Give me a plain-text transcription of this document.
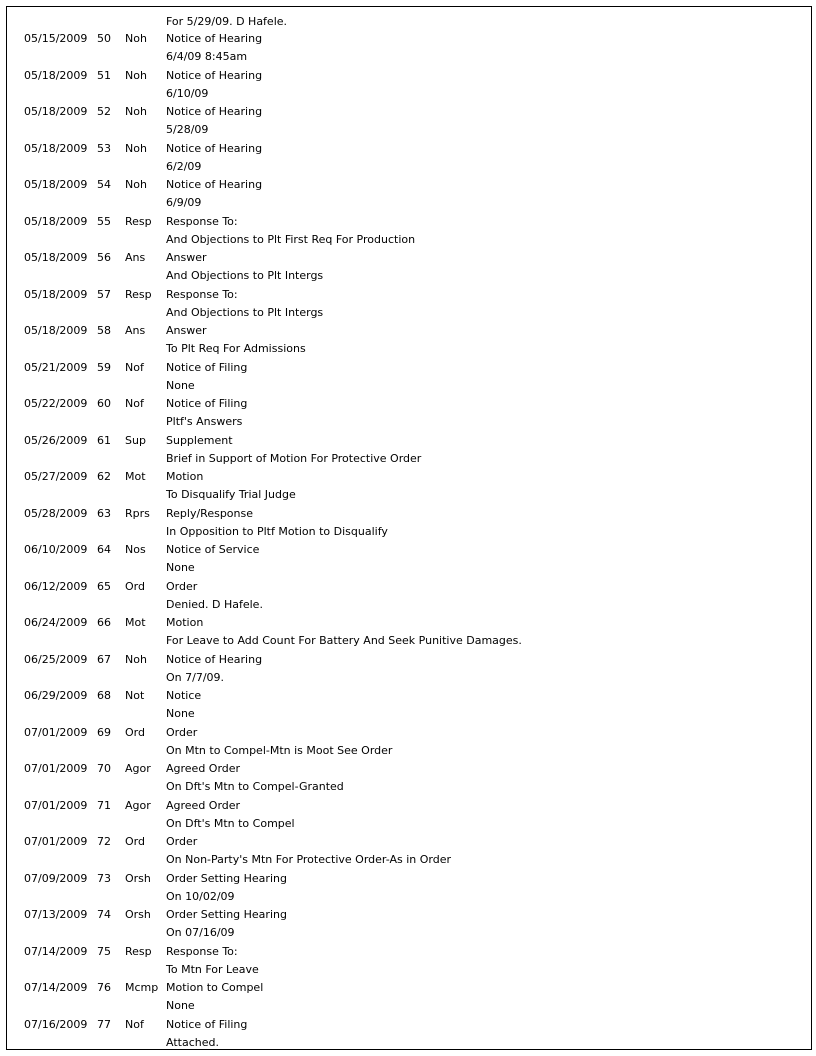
For 5/29/09. D Hafele.
05/15/2009 50 Noh Notice of Hearing
6/4/09 8:45am
05/18/2009 51 Noh Notice of Hearing
6/10/09
05/18/2009 52 Noh Notice of Hearing
5/28/09
05/18/2009 53 Noh Notice of Hearing
6/2/09
05/18/2009 54 Noh Notice of Hearing
6/9/09
05/18/2009 55 Resp Response To:
And Objections to Plt First Req For Production
05/18/2009 56 Ans Answer
And Objections to Plt Intergs
05/18/2009 57 Resp Response To:
And Objections to Plt Intergs
05/18/2009 58 Ans Answer
To Plt Req For Admissions
05/21/2009 59 Nof Notice of Filing
None
05/22/2009 60 Nof Notice of Filing
Pltf's Answers
05/26/2009 61 Sup Supplement
Brief in Support of Motion For Protective Order
05/27/2009 62 Mot Motion
To Disqualify Trial Judge
05/28/2009 63 Rprs Reply/Response
In Opposition to Pltf Motion to Disqualify
06/10/2009 64 Nos Notice of Service
None
06/12/2009 65 Ord Order
Denied. D Hafele.
06/24/2009 66 Mot Motion
For Leave to Add Count For Battery And Seek Punitive Damages.
06/25/2009 67 Noh Notice of Hearing
On 7/7/09.
06/29/2009 68 Not Notice
None
07/01/2009 69 Ord Order
On Mtn to Compel-Mtn is Moot See Order
07/01/2009 70 Agor Agreed Order
On Dft's Mtn to Compel-Granted
07/01/2009 71 Agor Agreed Order
On Dft's Mtn to Compel
07/01/2009 72 Ord Order
On Non-Party's Mtn For Protective Order-As in Order
07/09/2009 73 Orsh Order Setting Hearing
On 10/02/09
07/13/2009 74 Orsh Order Setting Hearing
On 07/16/09
07/14/2009 75 Resp Response To:
To Mtn For Leave
07/14/2009 76 Mcmp Motion to Compel
None
07/16/2009 77 Nof Notice of Filing
Attached.
